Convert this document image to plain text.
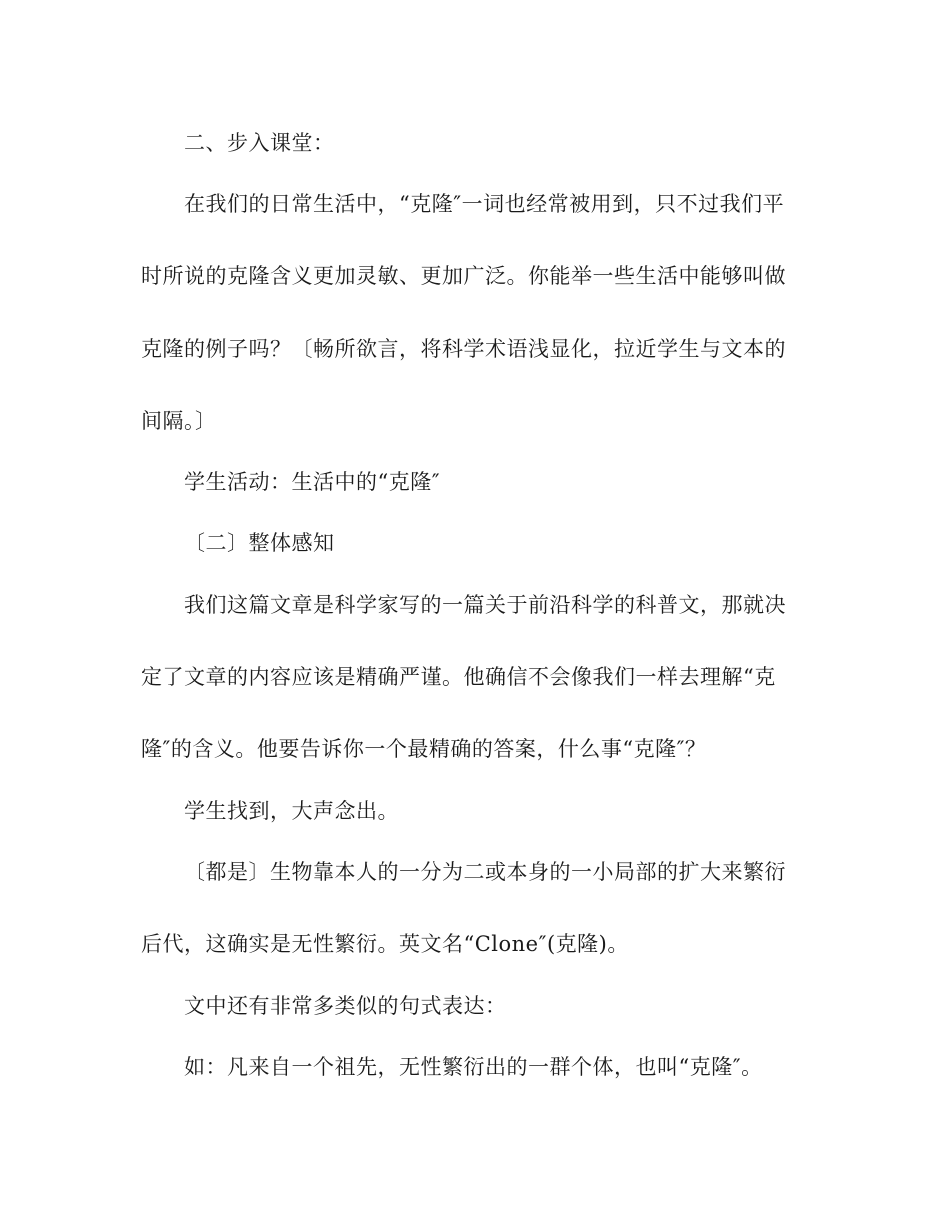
二、步入课堂：
在我们的日常生活中，“克隆″一词也经常被用到，只不过我们平
时所说的克隆含义更加灵敏、更加广泛。你能举一些生活中能够叫做
克隆的例子吗？〔畅所欲言，将科学术语浅显化，拉近学生与文本的
间隔。〕
学生活动：生活中的“克隆″
〔二〕整体感知
我们这篇文章是科学家写的一篇关于前沿科学的科普文，那就决
定了文章的内容应该是精确严谨。他确信不会像我们一样去理解“克
隆″的含义。他要告诉你一个最精确的答案，什么事“克隆″？
学生找到，大声念出。
〔都是〕生物靠本人的一分为二或本身的一小局部的扩大来繁衍
后代，这确实是无性繁衍。英文名“Clone″(克隆)。
文中还有非常多类似的句式表达：
如：凡来自一个祖先，无性繁衍出的一群个体，也叫“克隆″。
